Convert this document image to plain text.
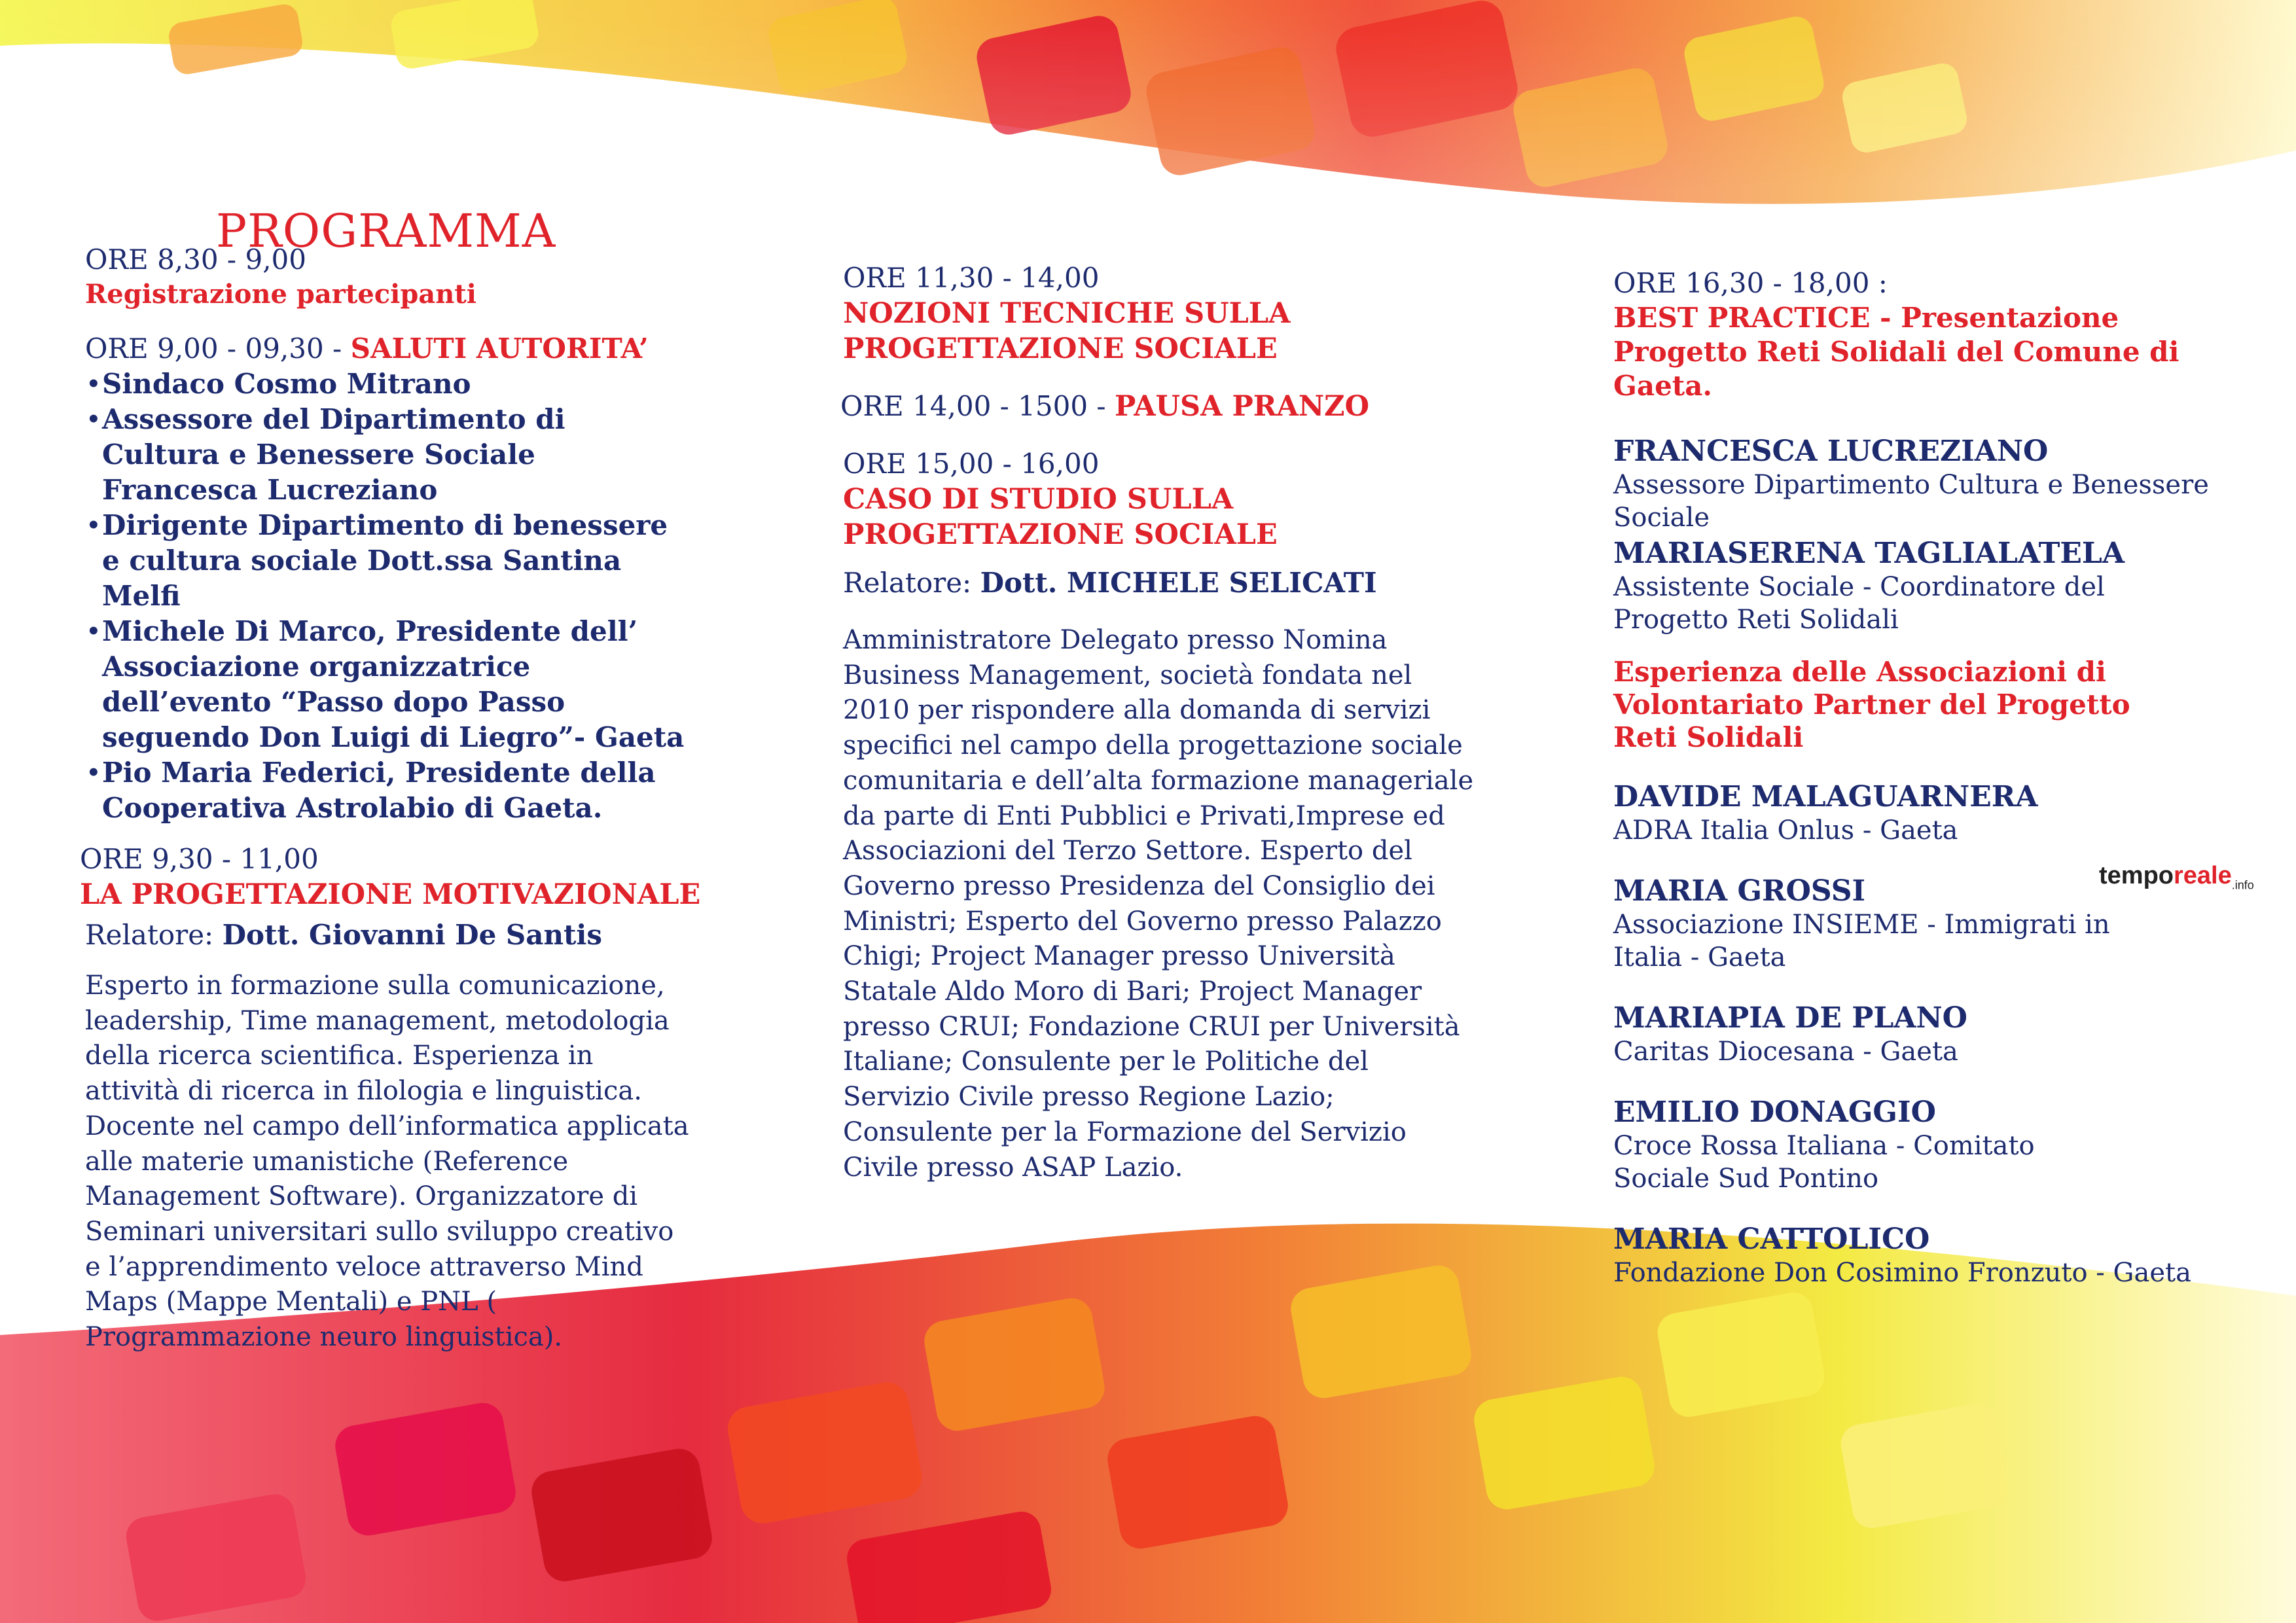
PROGRAMMA
ORE 8,30 - 9,00
Registrazione partecipanti
ORE 9,00 - 09,30 - SALUTI AUTORITA’
• Sindaco Cosmo Mitrano
• Assessore del Dipartimento di Cultura e Benessere Sociale Francesca Lucreziano
• Dirigente Dipartimento di benessere e cultura sociale Dott.ssa Santina Melfi
• Michele Di Marco, Presidente dell’ Associazione organizzatrice dell’evento “Passo dopo Passo seguendo Don Luigi di Liegro”- Gaeta
• Pio Maria Federici, Presidente della Cooperativa Astrolabio di Gaeta.
ORE 9,30 - 11,00
LA PROGETTAZIONE MOTIVAZIONALE
Relatore: Dott. Giovanni De Santis

Esperto in formazione sulla comunicazione, leadership, Time management, metodologia della ricerca scientifica. Esperienza in attività di ricerca in filologia e linguistica. Docente nel campo dell’informatica applicata alle materie umanistiche (Reference Management Software). Organizzatore di Seminari universitari sullo sviluppo creativo e l’apprendimento veloce attraverso Mind Maps (Mappe Mentali) e PNL ( Programmazione neuro linguistica).

ORE 11,30 - 14,00
NOZIONI TECNICHE SULLA PROGETTAZIONE SOCIALE
ORE 14,00 - 1500 - PAUSA PRANZO
ORE 15,00 - 16,00
CASO DI STUDIO SULLA PROGETTAZIONE SOCIALE
Relatore: Dott. MICHELE SELICATI

Amministratore Delegato presso Nomina Business Management, società fondata nel 2010 per rispondere alla domanda di servizi specifici nel campo della progettazione sociale comunitaria e dell’alta formazione manageriale da parte di Enti Pubblici e Privati,Imprese ed Associazioni del Terzo Settore. Esperto del Governo presso Presidenza del Consiglio dei Ministri; Esperto del Governo presso Palazzo Chigi; Project Manager presso Università Statale Aldo Moro di Bari; Project Manager presso CRUI; Fondazione CRUI per Università Italiane; Consulente per le Politiche del Servizio Civile presso Regione Lazio; Consulente per la Formazione del Servizio Civile presso ASAP Lazio.

ORE 16,30 - 18,00 :
BEST PRACTICE - Presentazione
Progetto Reti Solidali del Comune di Gaeta.
FRANCESCA LUCREZIANO
Assessore Dipartimento Cultura e Benessere Sociale
MARIASERENA TAGLIALATELA
Assistente Sociale - Coordinatore del Progetto Reti Solidali
Esperienza delle Associazioni di Volontariato Partner del Progetto Reti Solidali
DAVIDE MALAGUARNERA
ADRA Italia Onlus - Gaeta
MARIA GROSSI
Associazione INSIEME - Immigrati in Italia - Gaeta
MARIAPIA DE PLANO
Caritas Diocesana - Gaeta
EMILIO DONAGGIO
Croce Rossa Italiana - Comitato Sociale Sud Pontino
MARIA CATTOLICO
Fondazione Don Cosimino Fronzuto - Gaeta
temporeale$_{.info}$
